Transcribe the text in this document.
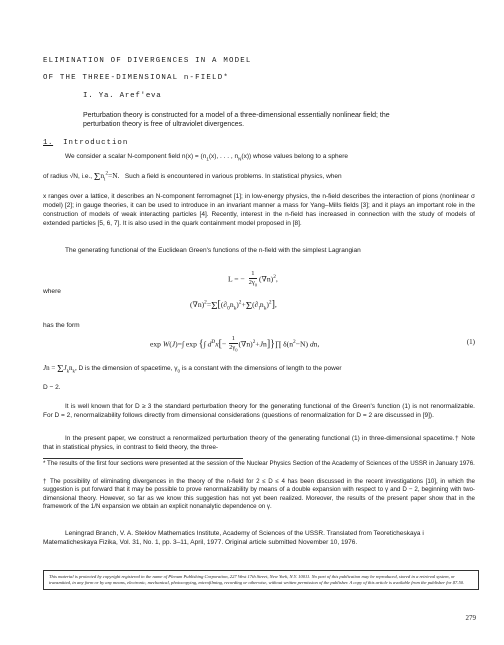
ELIMINATION OF DIVERGENCES IN A MODEL
OF THE THREE-DIMENSIONAL n-FIELD*
I. Ya. Aref'eva
Perturbation theory is constructed for a model of a three-dimensional essentially nonlinear field; the perturbation theory is free of ultraviolet divergences.
1. Introduction
We consider a scalar N-component field $n(x) = (n_1(x)$, . . . , $n_N(x)$) whose values belong to a sphere
of radius √N, i.e., $\Sigma n_i^2=N$. Such a field is encountered in various problems. In statistical physics, when
x ranges over a lattice, it describes an N-component ferromagnet [1]; in low-energy physics, the n-field describes the interaction of pions (nonlinear σ model) [2]; in gauge theories, it can be used to introduce in an invariant manner a mass for Yang–Mills fields [3]; and it plays an important role in the construction of models of weak interacting particles [4]. Recently, interest in the n-field has increased in connection with the study of models of extended particles [5, 6, 7]. It is also used in the quark containment model proposed in [8].
The generating functional of the Euclidean Green's functions of the n-field with the simplest Lagrangian
L = − $\frac{1}{2\gamma_0} (\nabla n)^2$,
where
$(\nabla n)^2=\Sigma[(\partial_0n_k)^2+\Sigma(\partial_ln_k)^2]$,
has the form
exp W(J)=∫ exp {∫ $d^Dx[- \frac{1}{2\gamma_0}$ $(\nabla n)^2+Jn]\}\prod$ $\delta(n^2-N)$ dn,	(1)
$Jn = \Sigma J_kn_k$, D is the dimension of spacetime, $\gamma_0$ is a constant with the dimensions of length to the power
D − 2.
It is well known that for D ≥ 3 the standard perturbation theory for the generating functional of the Green's function (1) is not renormalizable. For D = 2, renormalizability follows directly from dimensional considerations (questions of renormalization for D = 2 are discussed in [9]).
In the present paper, we construct a renormalized perturbation theory of the generating functional (1) in three-dimensional spacetime.† Note that in statistical physics, in contrast to field theory, the three-
* The results of the first four sections were presented at the session of the Nuclear Physics Section of the Academy of Sciences of the USSR in January 1976.
† The possibility of eliminating divergences in the theory of the n-field for 2 ≤ D ≤ 4 has been discussed in the recent investigations [10], in which the suggestion is put forward that it may be possible to prove renormalizability by means of a double expansion with respect to γ and D − 2, beginning with two-dimensional theory. However, so far as we know this suggestion has not yet been realized. Moreover, the results of the present paper show that in the framework of the 1/N expansion we obtain an explicit nonanalytic dependence on γ.
Leningrad Branch, V. A. Steklov Mathematics Institute, Academy of Sciences of the USSR. Translated from Teoreticheskaya i Matematicheskaya Fizika, Vol. 31, No. 1, pp. 3–11, April, 1977. Original article submitted November 10, 1976.
This material is protected by copyright registered in the name of Plenum Publishing Corporation, 227 West 17th Street, New York, N.Y. 10011. No part of this publication may be reproduced, stored in a retrieval system, or transmitted, in any form or by any means, electronic, mechanical, photocopying, microfilming, recording or otherwise, without written permission of the publisher. A copy of this article is available from the publisher for $7.50.
279
